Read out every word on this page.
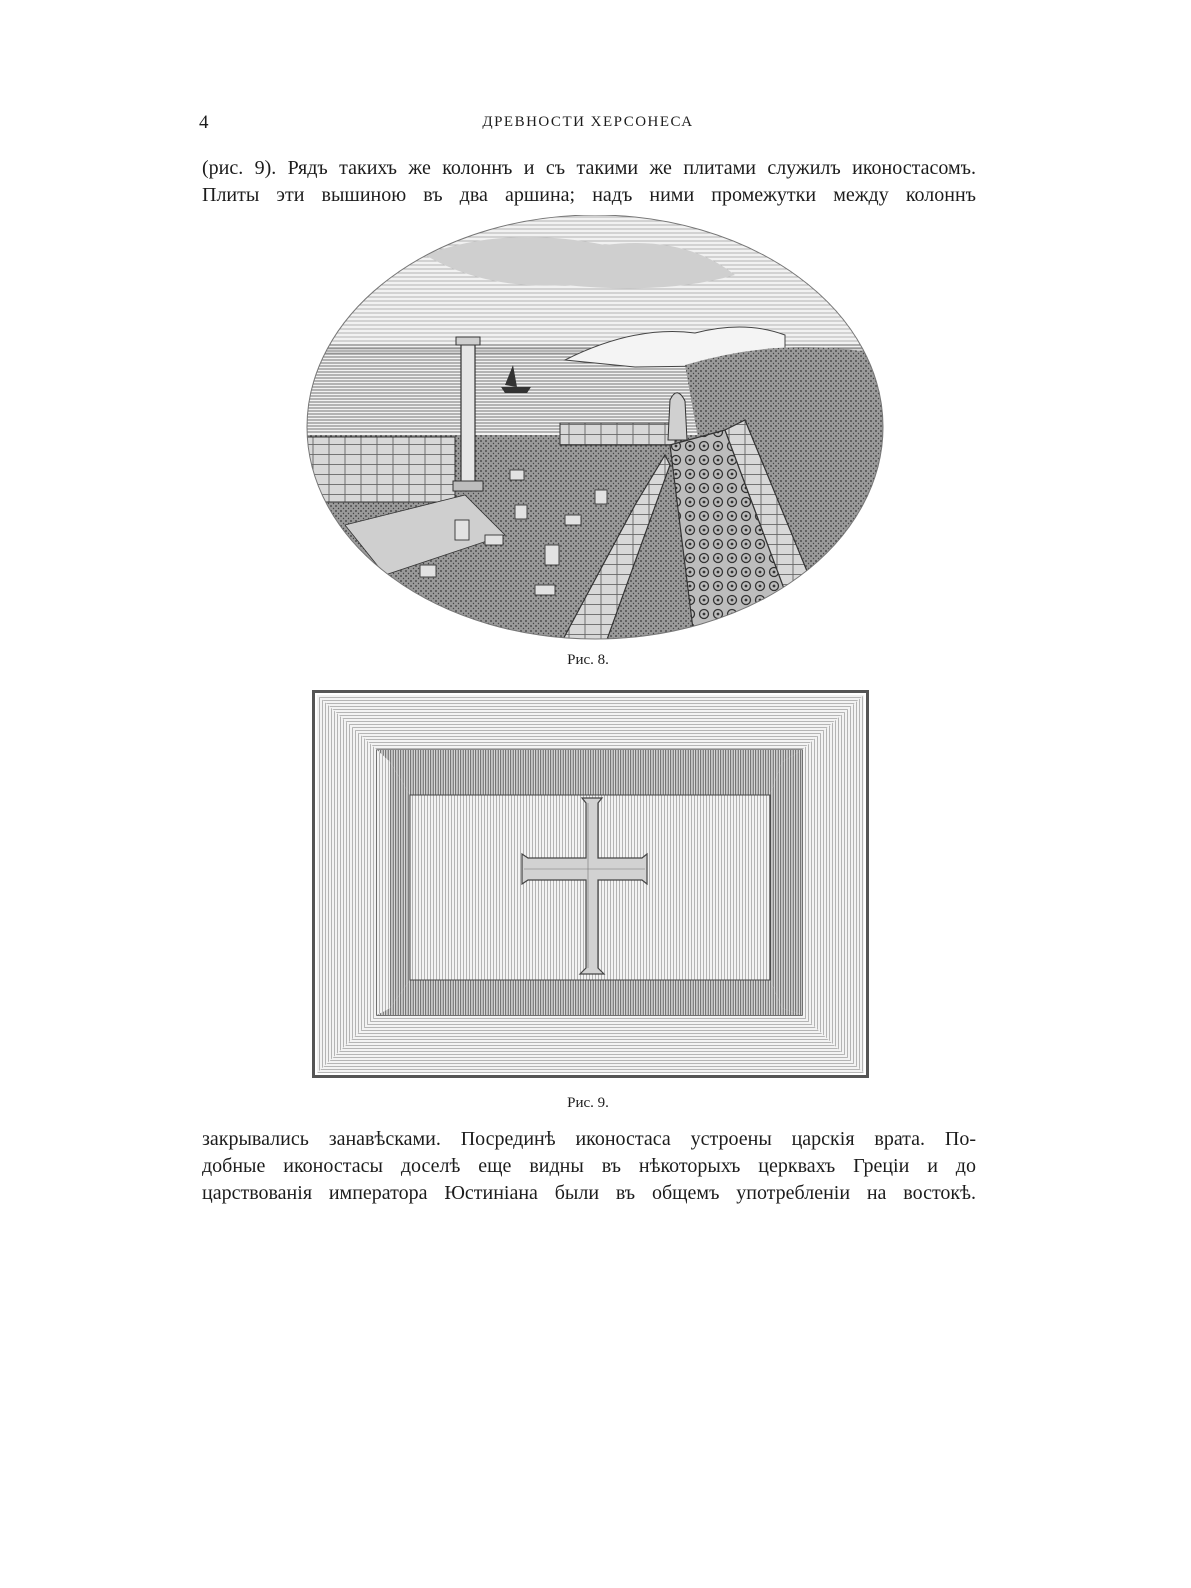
4	ДРЕВНОСТИ ХЕРСОНЕСА
(рис. 9). Рядъ такихъ же колоннъ и съ такими же плитами служилъ иконостасомъ.
Плиты эти вышиною въ два аршина; надъ ними промежутки между колоннъ
Рис. 8.
Рис. 9.
закрывались занавѣсками. Посрединѣ иконостаса устроены царскія врата. По-
добные иконостасы доселѣ еще видны въ нѣкоторыхъ церквахъ Грецiи и до
царствованія императора Юстиніана были въ общемъ употребленіи на востокѣ.
